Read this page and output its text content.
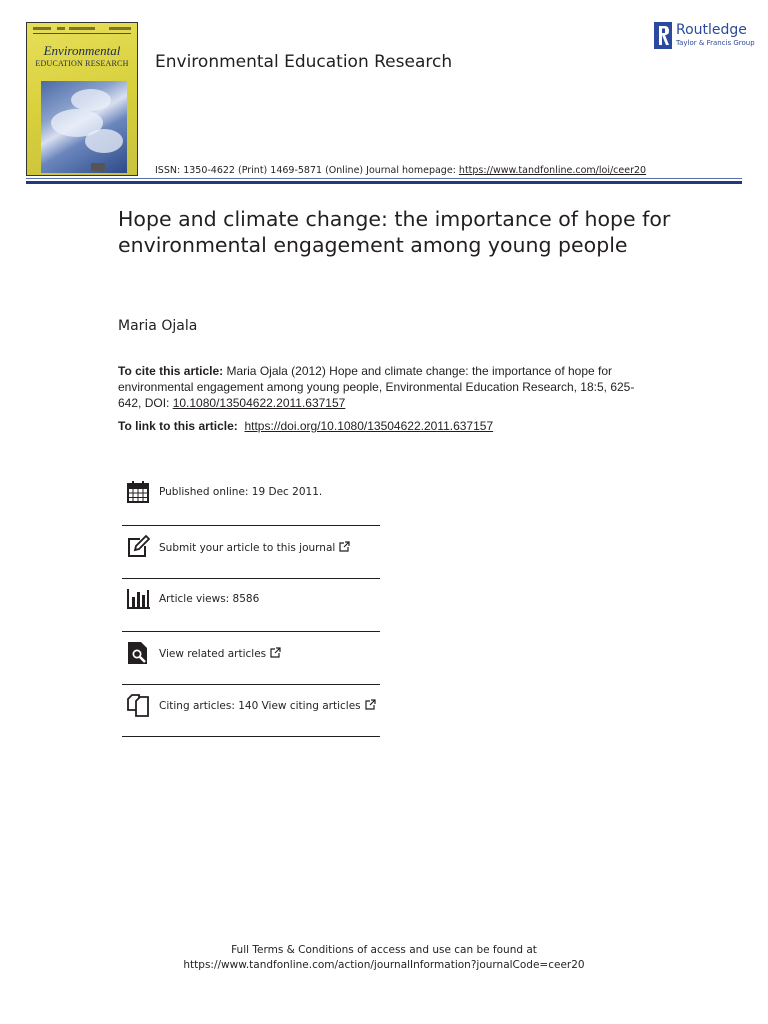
Environmental
EDUCATION RESEARCH	Environmental Education Research
Routledge
Taylor & Francis Group
ISSN: 1350-4622 (Print) 1469-5871 (Online) Journal homepage: https://www.tandfonline.com/loi/ceer20
Hope and climate change: the importance of hope for environmental engagement among young people
Maria Ojala
To cite this article: Maria Ojala (2012) Hope and climate change: the importance of hope for environmental engagement among young people, Environmental Education Research, 18:5, 625-642, DOI: 10.1080/13504622.2011.637157
To link to this article: https://doi.org/10.1080/13504622.2011.637157
Published online: 19 Dec 2011.
Submit your article to this journal
Article views: 8586
View related articles
Citing articles: 140 View citing articles
Full Terms & Conditions of access and use can be found at
https://www.tandfonline.com/action/journalInformation?journalCode=ceer20
